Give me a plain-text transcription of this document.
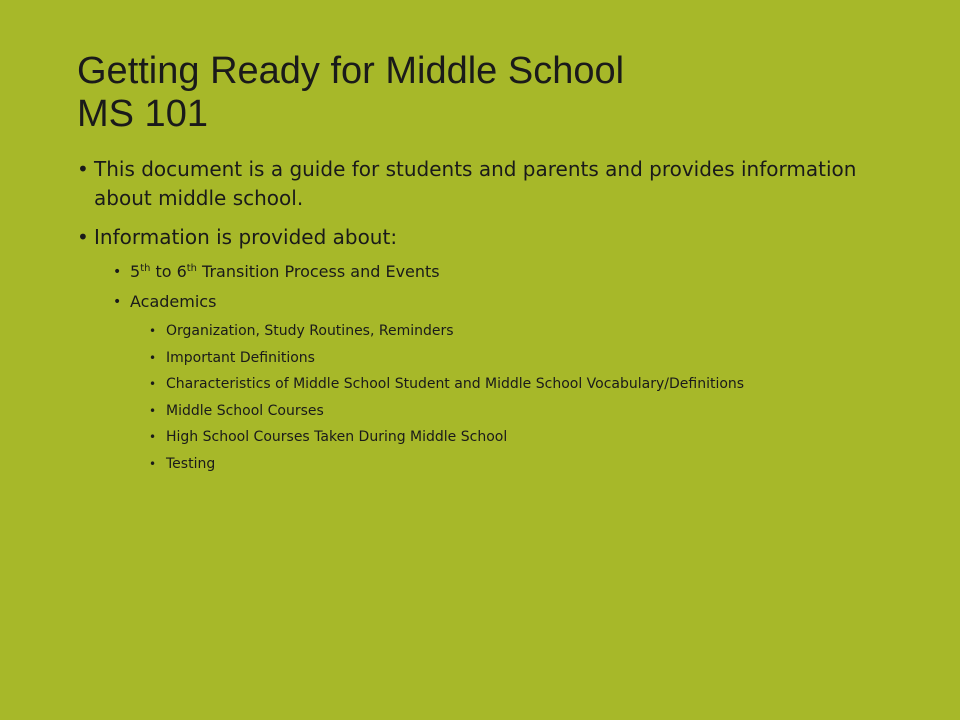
Getting Ready for Middle School
MS 101
• This document is a guide for students and parents and provides information about middle school.
• Information is provided about:
• 5th to 6th Transition Process and Events
• Academics
• Organization, Study Routines, Reminders
• Important Definitions
• Characteristics of Middle School Student and Middle School Vocabulary/Definitions
• Middle School Courses
• High School Courses Taken During Middle School
• Testing
